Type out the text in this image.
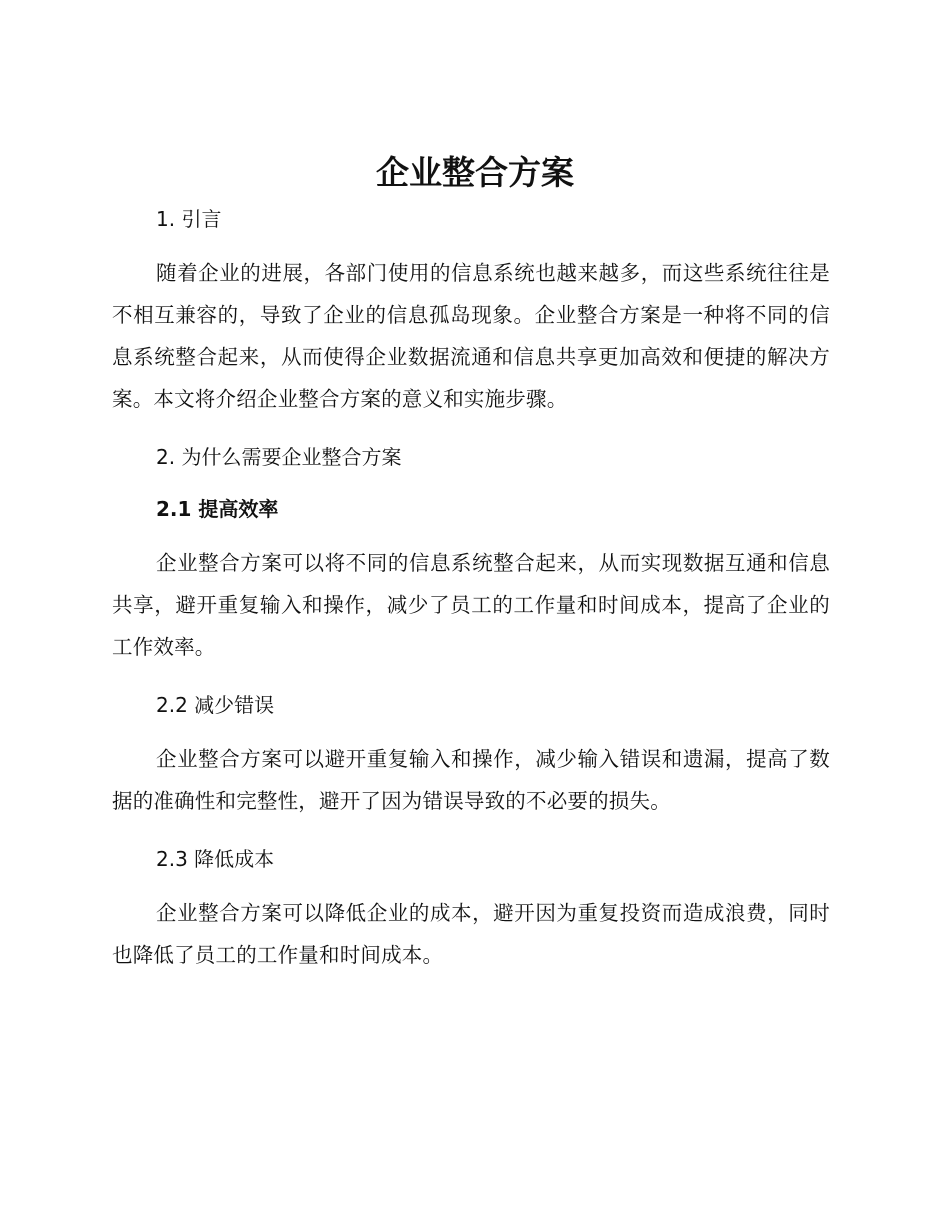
企业整合方案
1. 引言

随着企业的进展，各部门使用的信息系统也越来越多，而这些系统往往是不相互兼容的，导致了企业的信息孤岛现象。企业整合方案是一种将不同的信息系统整合起来，从而使得企业数据流通和信息共享更加高效和便捷的解决方案。本文将介绍企业整合方案的意义和实施步骤。

2. 为什么需要企业整合方案
2.1 提高效率

企业整合方案可以将不同的信息系统整合起来，从而实现数据互通和信息共享，避开重复输入和操作，减少了员工的工作量和时间成本，提高了企业的工作效率。

2.2 减少错误

企业整合方案可以避开重复输入和操作，减少输入错误和遗漏，提高了数据的准确性和完整性，避开了因为错误导致的不必要的损失。

2.3 降低成本

企业整合方案可以降低企业的成本，避开因为重复投资而造成浪费，同时也降低了员工的工作量和时间成本。
